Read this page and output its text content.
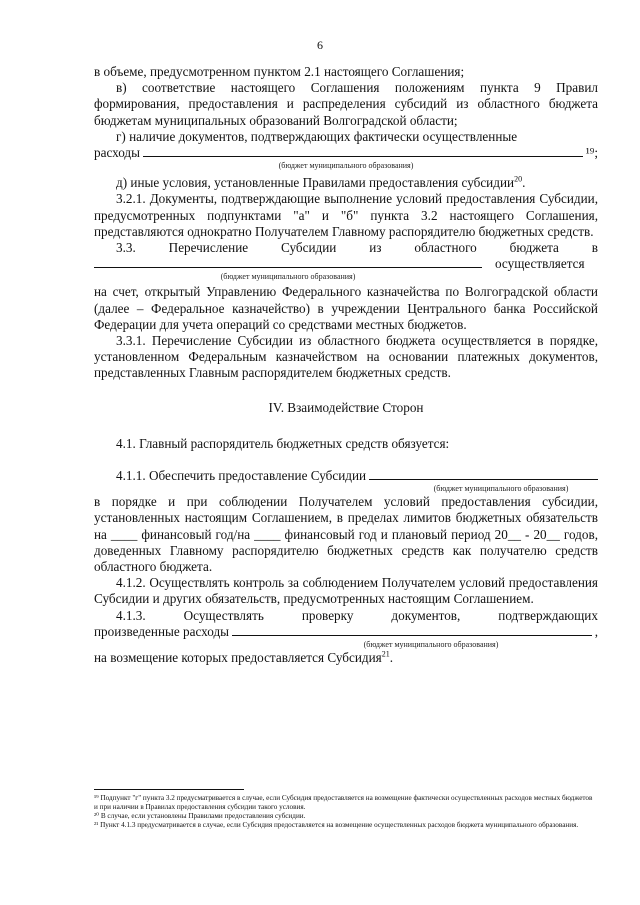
6

в объеме, предусмотренном пунктом 2.1 настоящего Соглашения;

в) соответствие настоящего Соглашения положениям пункта 9 Правил формирования, предоставления и распределения субсидий из областного бюджета бюджетам муниципальных образований Волгоградской области;

г) наличие документов, подтверждающих фактически осуществленные

расходы	¹⁹;
(бюджет муниципального образования)

д) иные условия, установленные Правилами предоставления субсидии$^{20}$.

3.2.1. Документы, подтверждающие выполнение условий предоставления Субсидии, предусмотренных подпунктами "а" и "б" пункта 3.2 настоящего Соглашения, представляются однократно Получателем Главному распорядителю бюджетных средств.

3.3. Перечисление Субсидии из областного бюджета в
осуществляется
(бюджет муниципального образования)

на счет, открытый Управлению Федерального казначейства по Волгоградской области (далее – Федеральное казначейство) в учреждении Центрального банка Российской Федерации для учета операций со средствами местных бюджетов.

3.3.1. Перечисление Субсидии из областного бюджета осуществляется в порядке, установленном Федеральным казначейством на основании платежных документов, представленных Главным распорядителем бюджетных средств.

IV. Взаимодействие Сторон

4.1. Главный распорядитель бюджетных средств обязуется:

4.1.1. Обеспечить предоставление Субсидии
(бюджет муниципального образования)

в порядке и при соблюдении Получателем условий предоставления субсидии, установленных настоящим Соглашением, в пределах лимитов бюджетных обязательств на ____ финансовый год/на ____ финансовый год и плановый период 20__ - 20__ годов, доведенных Главному распорядителю бюджетных средств как получателю средств областного бюджета.

4.1.2. Осуществлять контроль за соблюдением Получателем условий предоставления Субсидии и других обязательств, предусмотренных настоящим Соглашением.

4.1.3.	Осуществлять	проверку	документов,	подтверждающих
произведенные расходы	,
(бюджет муниципального образования)

на возмещение которых предоставляется Субсидия$^{21}$.

¹⁹ Подпункт "г" пункта 3.2 предусматривается в случае, если Субсидия предоставляется на возмещение фактически осуществленных расходов местных бюджетов и при наличии в Правилах предоставления субсидии такого условия.
²⁰ В случае, если установлены Правилами предоставления субсидии.
²¹ Пункт 4.1.3 предусматривается в случае, если Субсидия предоставляется на возмещение осуществленных расходов бюджета муниципального образования.
